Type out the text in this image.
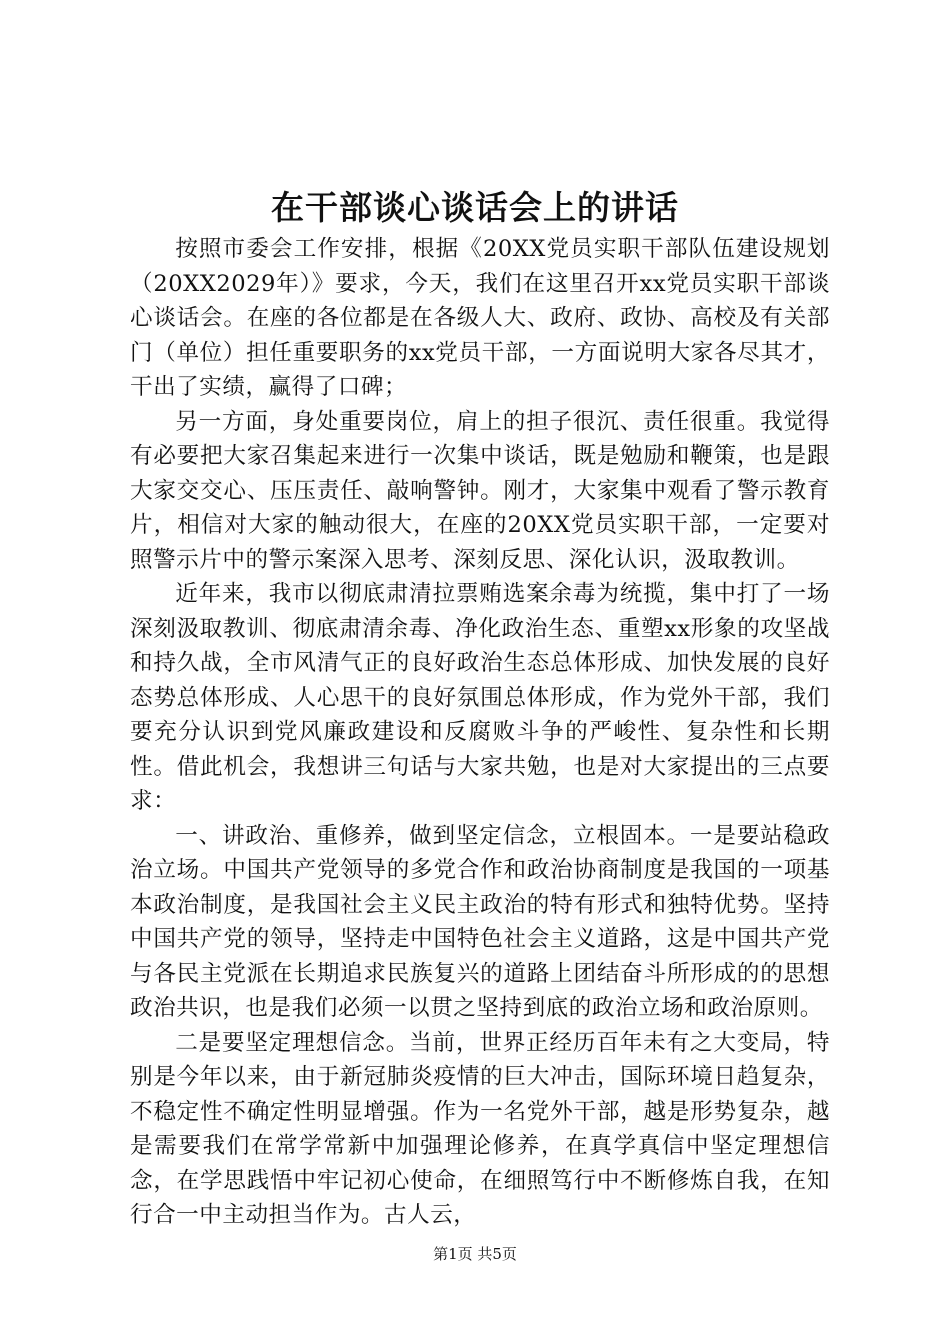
在干部谈心谈话会上的讲话

按照市委会工作安排，根据《20XX党员实职干部队伍建设规划（20XX2029年）》要求，今天，我们在这里召开xx党员实职干部谈心谈话会。在座的各位都是在各级人大、政府、政协、高校及有关部门（单位）担任重要职务的xx党员干部，一方面说明大家各尽其才，干出了实绩，赢得了口碑；

另一方面，身处重要岗位，肩上的担子很沉、责任很重。我觉得有必要把大家召集起来进行一次集中谈话，既是勉励和鞭策，也是跟大家交交心、压压责任、敲响警钟。刚才，大家集中观看了警示教育片，相信对大家的触动很大，在座的20XX党员实职干部，一定要对照警示片中的警示案深入思考、深刻反思、深化认识，汲取教训。

近年来，我市以彻底肃清拉票贿选案余毒为统揽，集中打了一场深刻汲取教训、彻底肃清余毒、净化政治生态、重塑xx形象的攻坚战和持久战，全市风清气正的良好政治生态总体形成、加快发展的良好态势总体形成、人心思干的良好氛围总体形成，作为党外干部，我们要充分认识到党风廉政建设和反腐败斗争的严峻性、复杂性和长期性。借此机会，我想讲三句话与大家共勉，也是对大家提出的三点要求：

一、讲政治、重修养，做到坚定信念，立根固本。一是要站稳政治立场。中国共产党领导的多党合作和政治协商制度是我国的一项基本政治制度，是我国社会主义民主政治的特有形式和独特优势。坚持中国共产党的领导，坚持走中国特色社会主义道路，这是中国共产党与各民主党派在长期追求民族复兴的道路上团结奋斗所形成的的思想政治共识，也是我们必须一以贯之坚持到底的政治立场和政治原则。

二是要坚定理想信念。当前，世界正经历百年未有之大变局，特别是今年以来，由于新冠肺炎疫情的巨大冲击，国际环境日趋复杂，不稳定性不确定性明显增强。作为一名党外干部，越是形势复杂，越是需要我们在常学常新中加强理论修养，在真学真信中坚定理想信念，在学思践悟中牢记初心使命，在细照笃行中不断修炼自我，在知行合一中主动担当作为。古人云，

第1页 共5页
